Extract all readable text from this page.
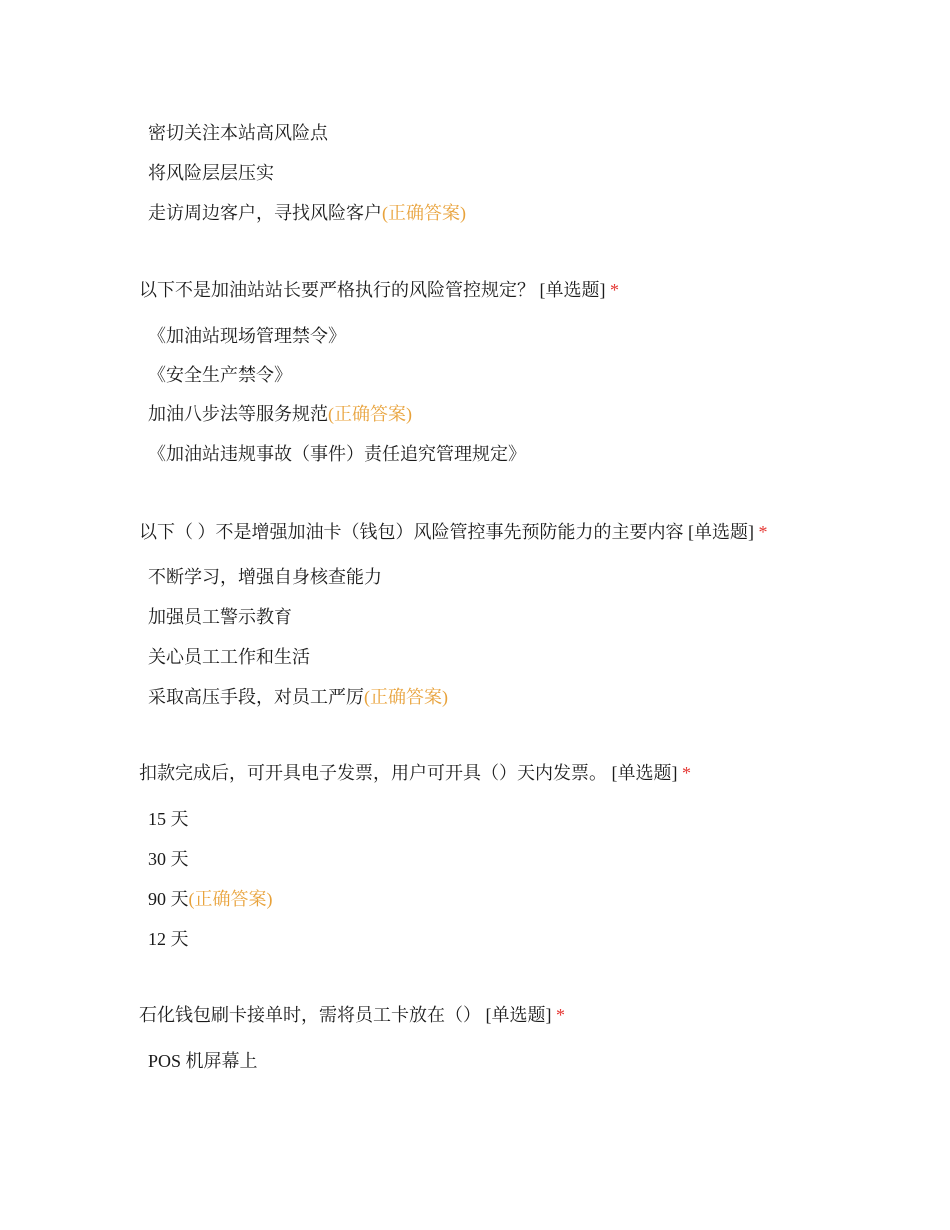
密切关注本站高风险点
将风险层层压实
走访周边客户，寻找风险客户(正确答案)
以下不是加油站站长要严格执行的风险管控规定？ [单选题] *
《加油站现场管理禁令》
《安全生产禁令》
加油八步法等服务规范(正确答案)
《加油站违规事故（事件）责任追究管理规定》
以下（ ）不是增强加油卡（钱包）风险管控事先预防能力的主要内容 [单选题] *
不断学习，增强自身核查能力
加强员工警示教育
关心员工工作和生活
采取高压手段，对员工严厉(正确答案)
扣款完成后，可开具电子发票，用户可开具（）天内发票。 [单选题] *
15 天
30 天
90 天(正确答案)
12 天
石化钱包刷卡接单时，需将员工卡放在（） [单选题] *
POS 机屏幕上
